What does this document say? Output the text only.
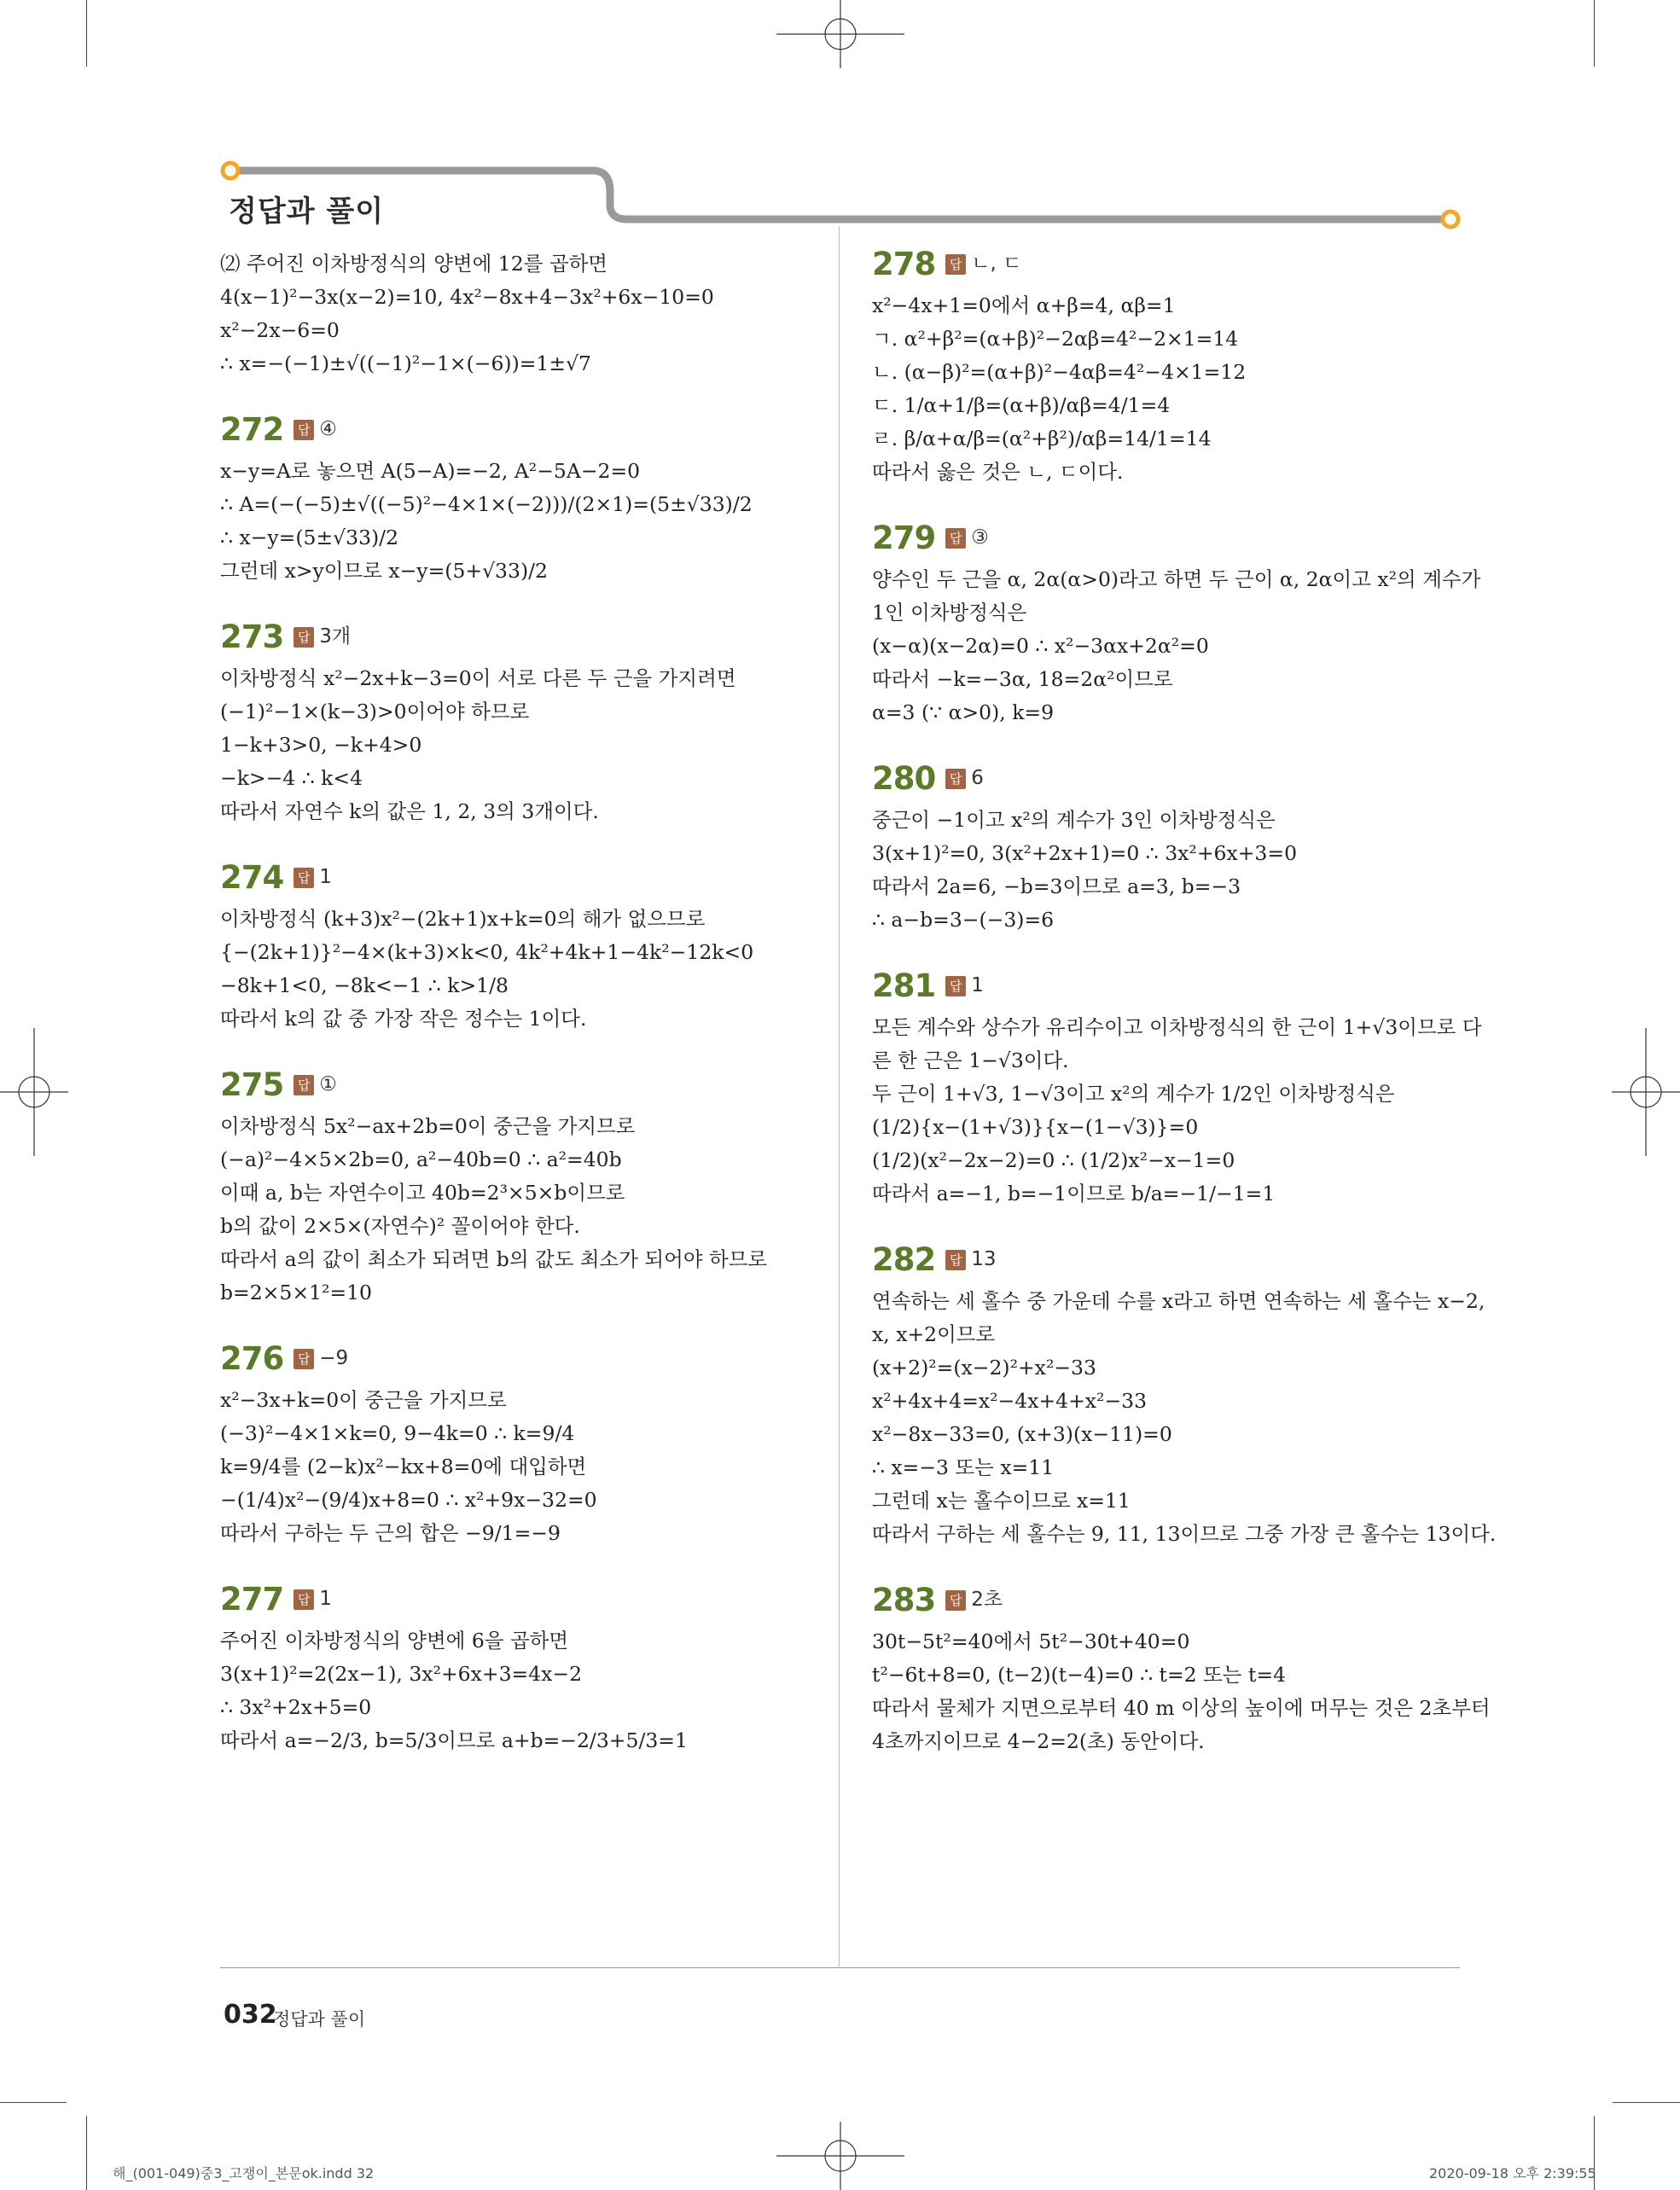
정답과 풀이
⑵ 주어진 이차방정식의 양변에 12를 곱하면
4(x−1)²−3x(x−2)=10, 4x²−8x+4−3x²+6x−10=0
x²−2x−6=0
∴ x=−(−1)±√((−1)²−1×(−6))=1±√7
272	답 ④
x−y=A로 놓으면 A(5−A)=−2, A²−5A−2=0
∴ A=(−(−5)±√((−5)²−4×1×(−2)))/(2×1)=(5±√33)/2
∴ x−y=(5±√33)/2
그런데 x>y이므로 x−y=(5+√33)/2
273	답 3개
이차방정식 x²−2x+k−3=0이 서로 다른 두 근을 가지려면
(−1)²−1×(k−3)>0이어야 하므로
1−k+3>0, −k+4>0
−k>−4 ∴ k<4
따라서 자연수 k의 값은 1, 2, 3의 3개이다.
274	답 1
이차방정식 (k+3)x²−(2k+1)x+k=0의 해가 없으므로
{−(2k+1)}²−4×(k+3)×k<0, 4k²+4k+1−4k²−12k<0
−8k+1<0, −8k<−1 ∴ k>1/8
따라서 k의 값 중 가장 작은 정수는 1이다.
275	답 ①
이차방정식 5x²−ax+2b=0이 중근을 가지므로
(−a)²−4×5×2b=0, a²−40b=0 ∴ a²=40b
이때 a, b는 자연수이고 40b=2³×5×b이므로
b의 값이 2×5×(자연수)² 꼴이어야 한다.
따라서 a의 값이 최소가 되려면 b의 값도 최소가 되어야 하므로
b=2×5×1²=10
276	답 −9
x²−3x+k=0이 중근을 가지므로
(−3)²−4×1×k=0, 9−4k=0 ∴ k=9/4
k=9/4를 (2−k)x²−kx+8=0에 대입하면
−(1/4)x²−(9/4)x+8=0 ∴ x²+9x−32=0
따라서 구하는 두 근의 합은 −9/1=−9
277	답 1
주어진 이차방정식의 양변에 6을 곱하면
3(x+1)²=2(2x−1), 3x²+6x+3=4x−2
∴ 3x²+2x+5=0
따라서 a=−2/3, b=5/3이므로 a+b=−2/3+5/3=1
278	답 ㄴ, ㄷ
x²−4x+1=0에서 α+β=4, αβ=1
ㄱ. α²+β²=(α+β)²−2αβ=4²−2×1=14
ㄴ. (α−β)²=(α+β)²−4αβ=4²−4×1=12
ㄷ. 1/α+1/β=(α+β)/αβ=4/1=4
ㄹ. β/α+α/β=(α²+β²)/αβ=14/1=14
따라서 옳은 것은 ㄴ, ㄷ이다.
279	답 ③
양수인 두 근을 α, 2α(α>0)라고 하면 두 근이 α, 2α이고 x²의 계수가
1인 이차방정식은
(x−α)(x−2α)=0 ∴ x²−3αx+2α²=0
따라서 −k=−3α, 18=2α²이므로
α=3 (∵ α>0), k=9
280	답 6
중근이 −1이고 x²의 계수가 3인 이차방정식은
3(x+1)²=0, 3(x²+2x+1)=0 ∴ 3x²+6x+3=0
따라서 2a=6, −b=3이므로 a=3, b=−3
∴ a−b=3−(−3)=6
281	답 1
모든 계수와 상수가 유리수이고 이차방정식의 한 근이 1+√3이므로 다
른 한 근은 1−√3이다.
두 근이 1+√3, 1−√3이고 x²의 계수가 1/2인 이차방정식은
(1/2){x−(1+√3)}{x−(1−√3)}=0
(1/2)(x²−2x−2)=0 ∴ (1/2)x²−x−1=0
따라서 a=−1, b=−1이므로 b/a=−1/−1=1
282	답 13
연속하는 세 홀수 중 가운데 수를 x라고 하면 연속하는 세 홀수는 x−2,
x, x+2이므로
(x+2)²=(x−2)²+x²−33
x²+4x+4=x²−4x+4+x²−33
x²−8x−33=0, (x+3)(x−11)=0
∴ x=−3 또는 x=11
그런데 x는 홀수이므로 x=11
따라서 구하는 세 홀수는 9, 11, 13이므로 그중 가장 큰 홀수는 13이다.
283	답 2초
30t−5t²=40에서 5t²−30t+40=0
t²−6t+8=0, (t−2)(t−4)=0 ∴ t=2 또는 t=4
따라서 물체가 지면으로부터 40 m 이상의 높이에 머무는 것은 2초부터
4초까지이므로 4−2=2(초) 동안이다.
032
정답과 풀이
해_(001-049)중3_고쟁이_본문ok.indd 32	2020-09-18 오후 2:39:55
